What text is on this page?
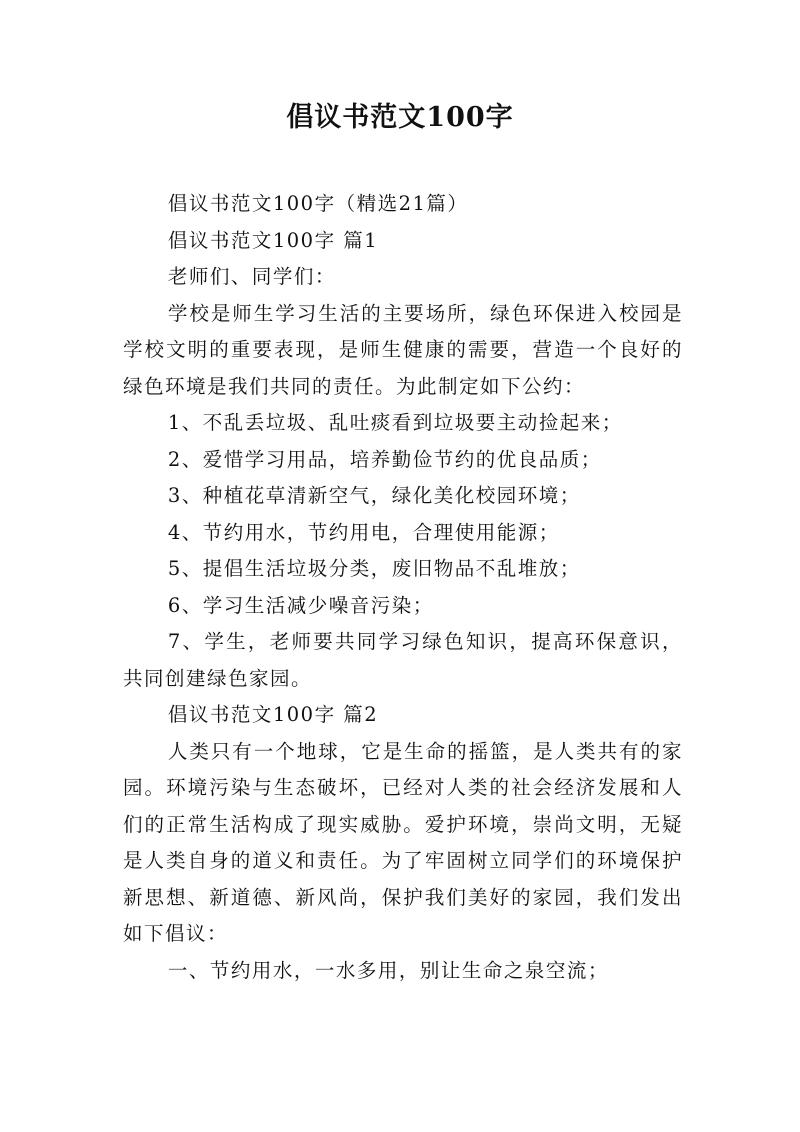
倡议书范文100字

倡议书范文100字（精选21篇）

倡议书范文100字 篇1

老师们、同学们：

学校是师生学习生活的主要场所，绿色环保进入校园是学校文明的重要表现，是师生健康的需要，营造一个良好的绿色环境是我们共同的责任。为此制定如下公约：

1、不乱丢垃圾、乱吐痰看到垃圾要主动捡起来；

2、爱惜学习用品，培养勤俭节约的优良品质；

3、种植花草清新空气，绿化美化校园环境；

4、节约用水，节约用电，合理使用能源；

5、提倡生活垃圾分类，废旧物品不乱堆放；

6、学习生活减少噪音污染；

7、学生，老师要共同学习绿色知识，提高环保意识，共同创建绿色家园。

倡议书范文100字 篇2

人类只有一个地球，它是生命的摇篮，是人类共有的家园。环境污染与生态破坏，已经对人类的社会经济发展和人们的正常生活构成了现实威胁。爱护环境，崇尚文明，无疑是人类自身的道义和责任。为了牢固树立同学们的环境保护新思想、新道德、新风尚，保护我们美好的家园，我们发出如下倡议：

一、节约用水，一水多用，别让生命之泉空流；
